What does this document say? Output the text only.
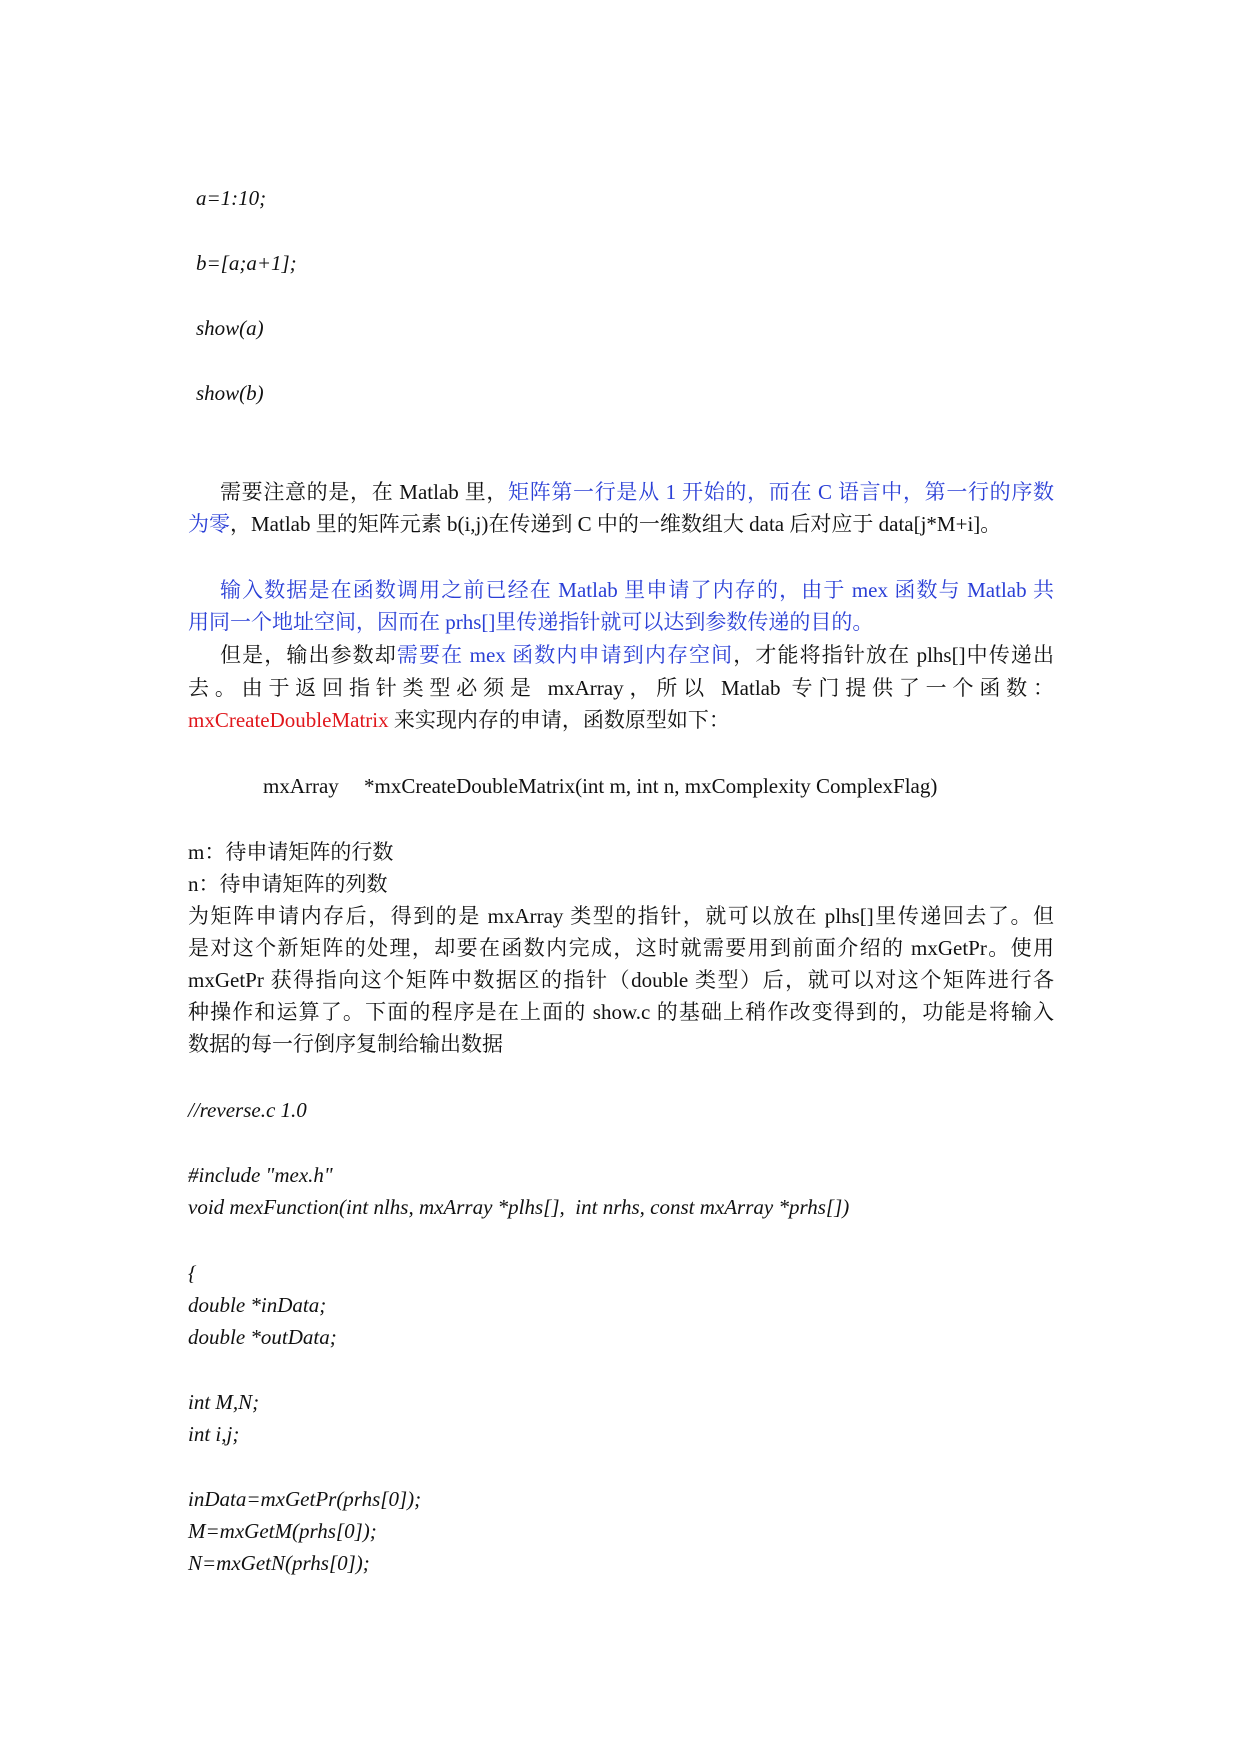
a=1:10;
b=[a;a+1];
show(a)
show(b)
需要注意的是，在 Matlab 里，矩阵第一行是从 1 开始的，而在 C 语言中，第一行的序数
为零，Matlab 里的矩阵元素 b(i,j)在传递到 C 中的一维数组大 data 后对应于 data[j*M+i]。
输入数据是在函数调用之前已经在 Matlab 里申请了内存的，由于 mex 函数与 Matlab 共
用同一个地址空间，因而在 prhs[]里传递指针就可以达到参数传递的目的。
但是，输出参数却需要在 mex 函数内申请到内存空间，才能将指针放在 plhs[]中传递出
去。由于返回指针类型必须是 mxArray，所以 Matlab 专门提供了一个函数：
mxCreateDoubleMatrix 来实现内存的申请，函数原型如下：
mxArray *mxCreateDoubleMatrix(int m, int n, mxComplexity ComplexFlag)
m：待申请矩阵的行数
n：待申请矩阵的列数
为矩阵申请内存后，得到的是 mxArray 类型的指针，就可以放在 plhs[]里传递回去了。但
是对这个新矩阵的处理，却要在函数内完成，这时就需要用到前面介绍的 mxGetPr。使用
mxGetPr 获得指向这个矩阵中数据区的指针（double 类型）后，就可以对这个矩阵进行各
种操作和运算了。下面的程序是在上面的 show.c 的基础上稍作改变得到的，功能是将输入
数据的每一行倒序复制给输出数据
//reverse.c 1.0
#include "mex.h"
void mexFunction(int nlhs, mxArray *plhs[],  int nrhs, const mxArray *prhs[])
{
double *inData;
double *outData;
int M,N;
int i,j;
inData=mxGetPr(prhs[0]);
M=mxGetM(prhs[0]);
N=mxGetN(prhs[0]);
